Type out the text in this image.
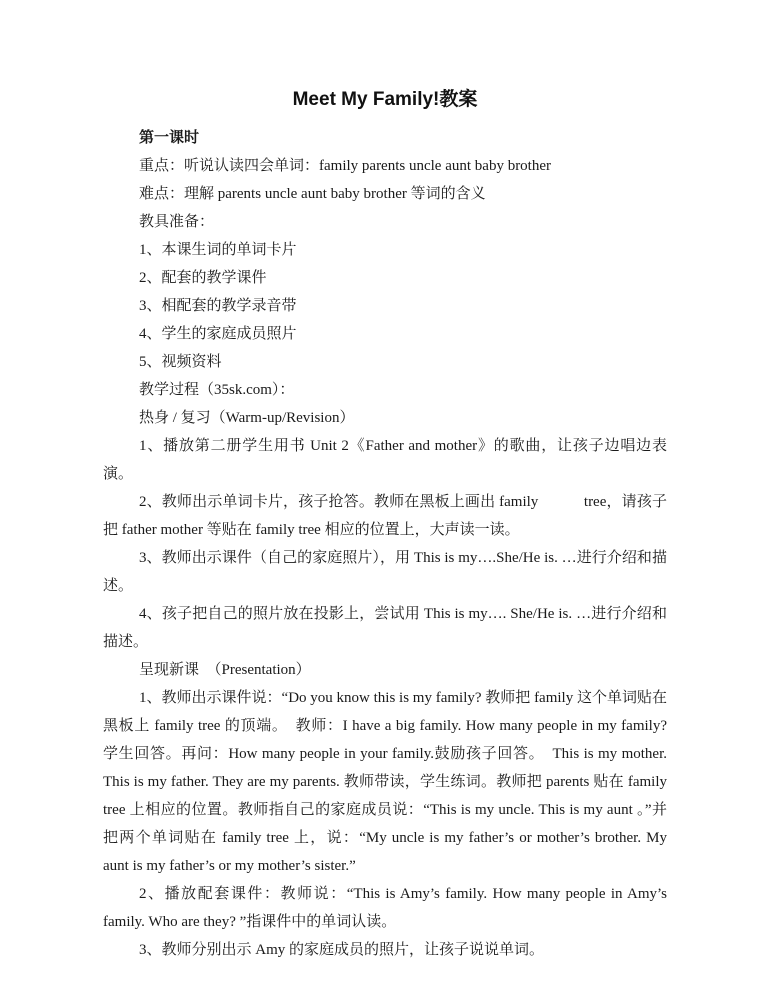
Meet My Family!教案

第一课时

重点：听说认读四会单词：family parents uncle aunt baby brother

难点：理解 parents uncle aunt baby brother 等词的含义

教具准备：

1、本课生词的单词卡片

2、配套的教学课件

3、相配套的教学录音带

4、学生的家庭成员照片

5、视频资料

教学过程（35sk.com）：

热身 / 复习（Warm-up/Revision）

1、播放第二册学生用书 Unit 2《Father and mother》的歌曲，让孩子边唱边表演。

2、教师出示单词卡片，孩子抢答。教师在黑板上画出 family　　　tree，请孩子把 father mother 等贴在 family tree 相应的位置上，大声读一读。

3、教师出示课件（自己的家庭照片），用 This is my….She/He is. …进行介绍和描述。

4、孩子把自己的照片放在投影上，尝试用 This is my…. She/He is. …进行介绍和描述。

呈现新课　（Presentation）

1、教师出示课件说：“Do you know this is my family? 教师把 family 这个单词贴在黑板上 family tree 的顶端。　教师：I have a big family. How many people in my family? 学生回答。再问：How many people in your family.鼓励孩子回答。　This is my mother. This is my father. They are my parents. 教师带读，学生练词。教师把 parents 贴在 family tree 上相应的位置。教师指自己的家庭成员说：“This is my uncle. This is my aunt 。”并把两个单词贴在 family tree 上，说：“My uncle is my father’s or mother’s brother. My aunt is my father’s or my mother’s sister.”

2、播放配套课件：教师说：“This is Amy’s family. How many people in Amy’s family. Who are they? ”指课件中的单词认读。

3、教师分别出示 Amy 的家庭成员的照片，让孩子说说单词。
